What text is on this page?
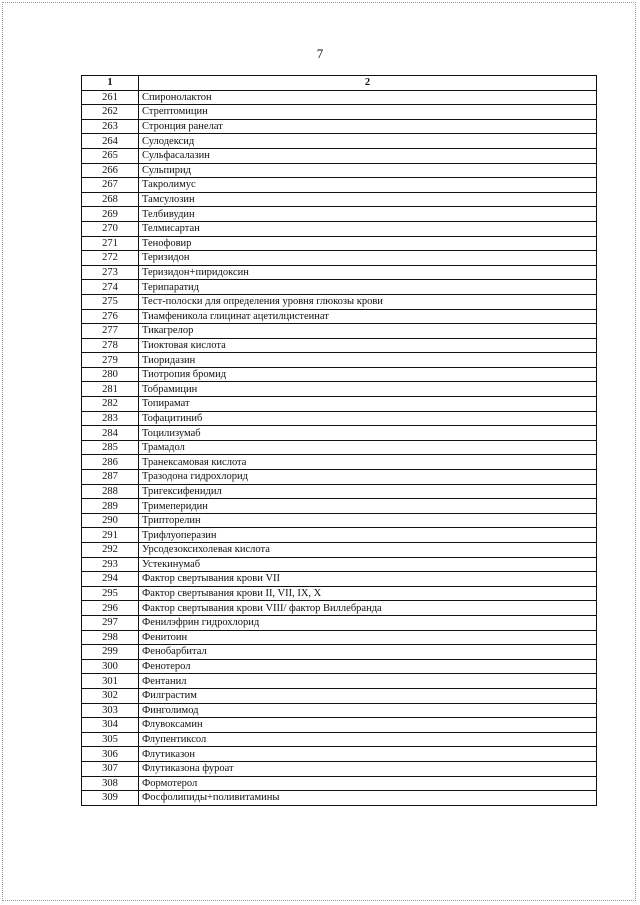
7
1	2
261	Спиронолактон
262	Стрептомицин
263	Стронция ранелат
264	Сулодексид
265	Сульфасалазин
266	Сульпирид
267	Такролимус
268	Тамсулозин
269	Телбивудин
270	Телмисартан
271	Тенофовир
272	Теризидон
273	Теризидон+пиридоксин
274	Терипаратид
275	Тест-полоски для определения уровня глюкозы крови
276	Тиамфеникола глицинат ацетилцистеинат
277	Тикагрелор
278	Тиоктовая кислота
279	Тиоридазин
280	Тиотропия бромид
281	Тобрамицин
282	Топирамат
283	Тофацитиниб
284	Тоцилизумаб
285	Трамадол
286	Транексамовая кислота
287	Тразодона гидрохлорид
288	Тригексифенидил
289	Тримеперидин
290	Трипторелин
291	Трифлуоперазин
292	Урсодезоксихолевая кислота
293	Устекинумаб
294	Фактор свертывания крови VII
295	Фактор свертывания крови II, VII, IX, X
296	Фактор свертывания крови VIII/ фактор Виллебранда
297	Фенилэфрин гидрохлорид
298	Фенитоин
299	Фенобарбитал
300	Фенотерол
301	Фентанил
302	Филграстим
303	Финголимод
304	Флувоксамин
305	Флупентиксол
306	Флутиказон
307	Флутиказона фуроат
308	Формотерол
309	Фосфолипиды+поливитамины
